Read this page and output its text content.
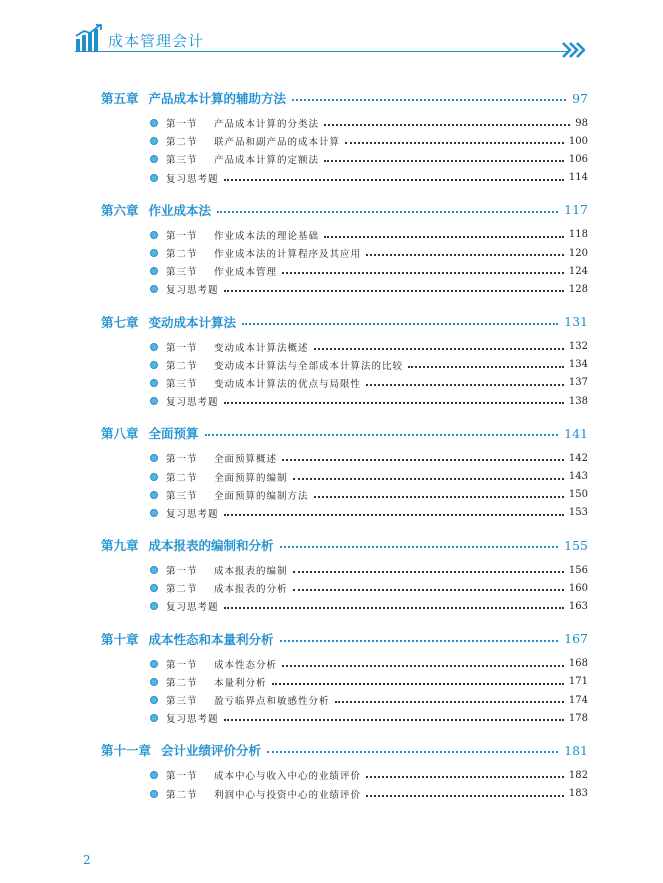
成本管理会计
第五章 产品成本计算的辅助方法	97
第一节	产品成本计算的分类法	98
第二节	联产品和副产品的成本计算	100
第三节	产品成本计算的定额法	106
复习思考题	114
第六章 作业成本法	117
第一节	作业成本法的理论基础	118
第二节	作业成本法的计算程序及其应用	120
第三节	作业成本管理	124
复习思考题	128
第七章 变动成本计算法	131
第一节	变动成本计算法概述	132
第二节	变动成本计算法与全部成本计算法的比较	134
第三节	变动成本计算法的优点与局限性	137
复习思考题	138
第八章 全面预算	141
第一节	全面预算概述	142
第二节	全面预算的编制	143
第三节	全面预算的编制方法	150
复习思考题	153
第九章 成本报表的编制和分析	155
第一节	成本报表的编制	156
第二节	成本报表的分析	160
复习思考题	163
第十章 成本性态和本量利分析	167
第一节	成本性态分析	168
第二节	本量利分析	171
第三节	盈亏临界点和敏感性分析	174
复习思考题	178
第十一章 会计业绩评价分析	181
第一节	成本中心与收入中心的业绩评价	182
第二节	利润中心与投资中心的业绩评价	183
2
